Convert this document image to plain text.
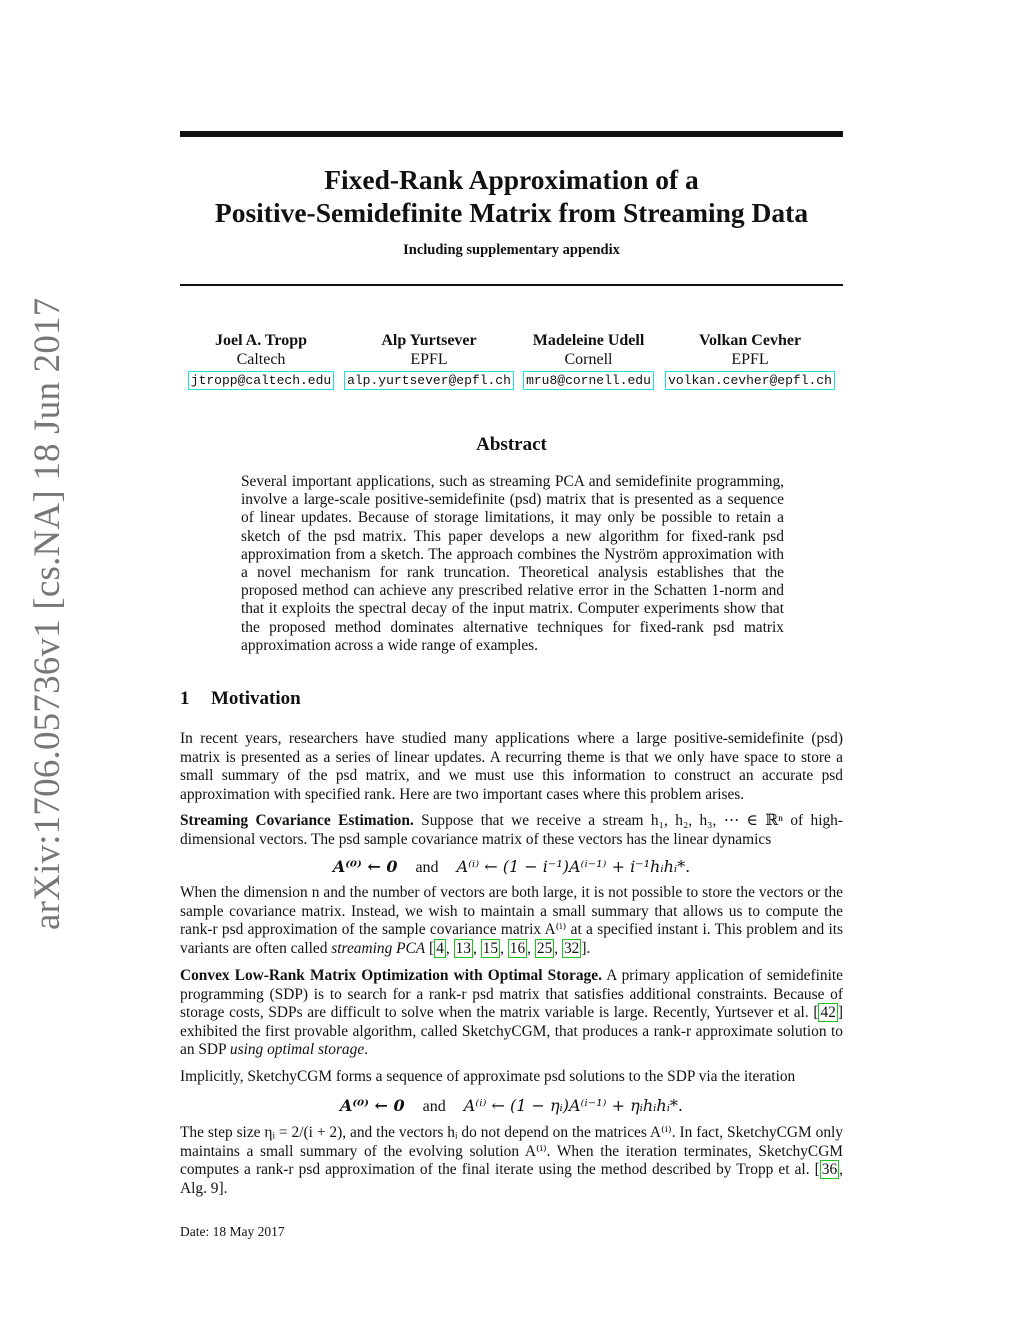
arXiv:1706.05736v1 [cs.NA] 18 Jun 2017
Fixed-Rank Approximation of a
Positive-Semidefinite Matrix from Streaming Data
Including supplementary appendix
Joel A. Tropp
Caltech
jtropp@caltech.edu
Alp Yurtsever
EPFL
alp.yurtsever@epfl.ch
Madeleine Udell
Cornell
mru8@cornell.edu
Volkan Cevher
EPFL
volkan.cevher@epfl.ch
Abstract
Several important applications, such as streaming PCA and semidefinite programming, involve a large-scale positive-semidefinite (psd) matrix that is presented as a sequence of linear updates. Because of storage limitations, it may only be possible to retain a sketch of the psd matrix. This paper develops a new algorithm for fixed-rank psd approximation from a sketch. The approach combines the Nyström approximation with a novel mechanism for rank truncation. Theoretical analysis establishes that the proposed method can achieve any prescribed relative error in the Schatten 1-norm and that it exploits the spectral decay of the input matrix. Computer experiments show that the proposed method dominates alternative techniques for fixed-rank psd matrix approximation across a wide range of examples.
1 Motivation
In recent years, researchers have studied many applications where a large positive-semidefinite (psd) matrix is presented as a series of linear updates. A recurring theme is that we only have space to store a small summary of the psd matrix, and we must use this information to construct an accurate psd approximation with specified rank. Here are two important cases where this problem arises.
Streaming Covariance Estimation. Suppose that we receive a stream h₁, h₂, h₃, ⋯ ∈ ℝⁿ of high-dimensional vectors. The psd sample covariance matrix of these vectors has the linear dynamics
A⁽⁰⁾ ← 0 and A⁽ⁱ⁾ ← (1 − i⁻¹)A⁽ⁱ⁻¹⁾ + i⁻¹hᵢhᵢ*.
When the dimension n and the number of vectors are both large, it is not possible to store the vectors or the sample covariance matrix. Instead, we wish to maintain a small summary that allows us to compute the rank-r psd approximation of the sample covariance matrix A⁽ⁱ⁾ at a specified instant i. This problem and its variants are often called streaming PCA [ 4 , 13 , 15 , 16 , 25 , 32 ].
Convex Low-Rank Matrix Optimization with Optimal Storage. A primary application of semidefinite programming (SDP) is to search for a rank-r psd matrix that satisfies additional constraints. Because of storage costs, SDPs are difficult to solve when the matrix variable is large. Recently, Yurtsever et al. [ 42 ] exhibited the first provable algorithm, called SketchyCGM, that produces a rank-r approximate solution to an SDP using optimal storage.
Implicitly, SketchyCGM forms a sequence of approximate psd solutions to the SDP via the iteration
A⁽⁰⁾ ← 0 and A⁽ⁱ⁾ ← (1 − ηᵢ)A⁽ⁱ⁻¹⁾ + ηᵢhᵢhᵢ*.
The step size ηᵢ = 2/(i + 2), and the vectors hᵢ do not depend on the matrices A⁽ⁱ⁾. In fact, SketchyCGM only maintains a small summary of the evolving solution A⁽ⁱ⁾. When the iteration terminates, SketchyCGM computes a rank-r psd approximation of the final iterate using the method described by Tropp et al. [ 36 , Alg. 9].
Date: 18 May 2017
